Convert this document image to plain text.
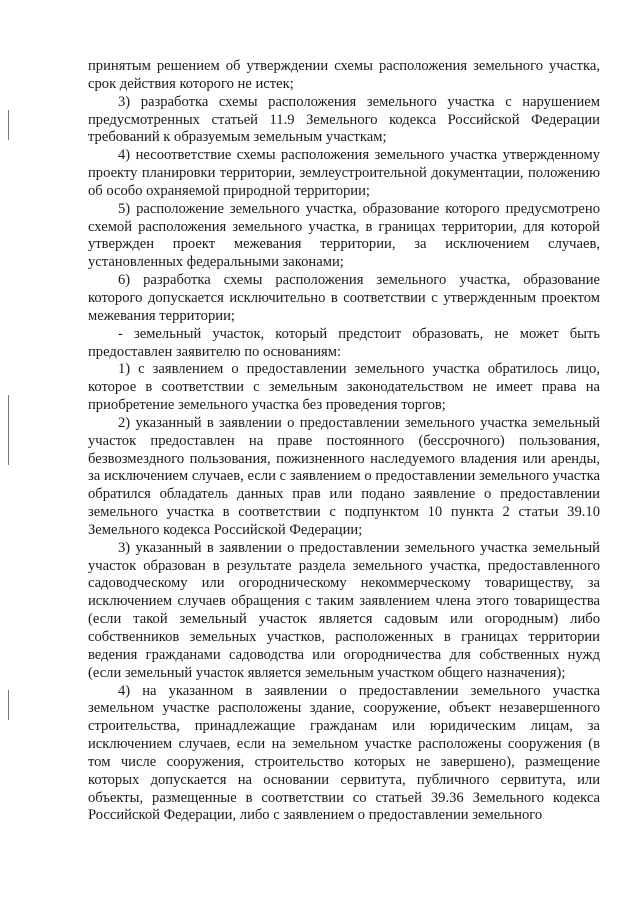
принятым решением об утверждении схемы расположения земельного участка, срок действия которого не истек;

3) разработка схемы расположения земельного участка с нарушением предусмотренных статьей 11.9 Земельного кодекса Российской Федерации требований к образуемым земельным участкам;

4) несоответствие схемы расположения земельного участка утвержденному проекту планировки территории, землеустроительной документации, положению об особо охраняемой природной территории;

5) расположение земельного участка, образование которого предусмотрено схемой расположения земельного участка, в границах территории, для которой утвержден проект межевания территории, за исключением случаев, установленных федеральными законами;

6) разработка схемы расположения земельного участка, образование которого допускается исключительно в соответствии с утвержденным проектом межевания территории;

- земельный участок, который предстоит образовать, не может быть предоставлен заявителю по основаниям:

1) с заявлением о предоставлении земельного участка обратилось лицо, которое в соответствии с земельным законодательством не имеет права на приобретение земельного участка без проведения торгов;

2) указанный в заявлении о предоставлении земельного участка земельный участок предоставлен на праве постоянного (бессрочного) пользования, безвозмездного пользования, пожизненного наследуемого владения или аренды, за исключением случаев, если с заявлением о предоставлении земельного участка обратился обладатель данных прав или подано заявление о предоставлении земельного участка в соответствии с подпунктом 10 пункта 2 статьи 39.10 Земельного кодекса Российской Федерации;

3) указанный в заявлении о предоставлении земельного участка земельный участок образован в результате раздела земельного участка, предоставленного садоводческому или огородническому некоммерческому товариществу, за исключением случаев обращения с таким заявлением члена этого товарищества (если такой земельный участок является садовым или огородным) либо собственников земельных участков, расположенных в границах территории ведения гражданами садоводства или огородничества для собственных нужд (если земельный участок является земельным участком общего назначения);

4) на указанном в заявлении о предоставлении земельного участка земельном участке расположены здание, сооружение, объект незавершенного строительства, принадлежащие гражданам или юридическим лицам, за исключением случаев, если на земельном участке расположены сооружения (в том числе сооружения, строительство которых не завершено), размещение которых допускается на основании сервитута, публичного сервитута, или объекты, размещенные в соответствии со статьей 39.36 Земельного кодекса Российской Федерации, либо с заявлением о предоставлении земельного
